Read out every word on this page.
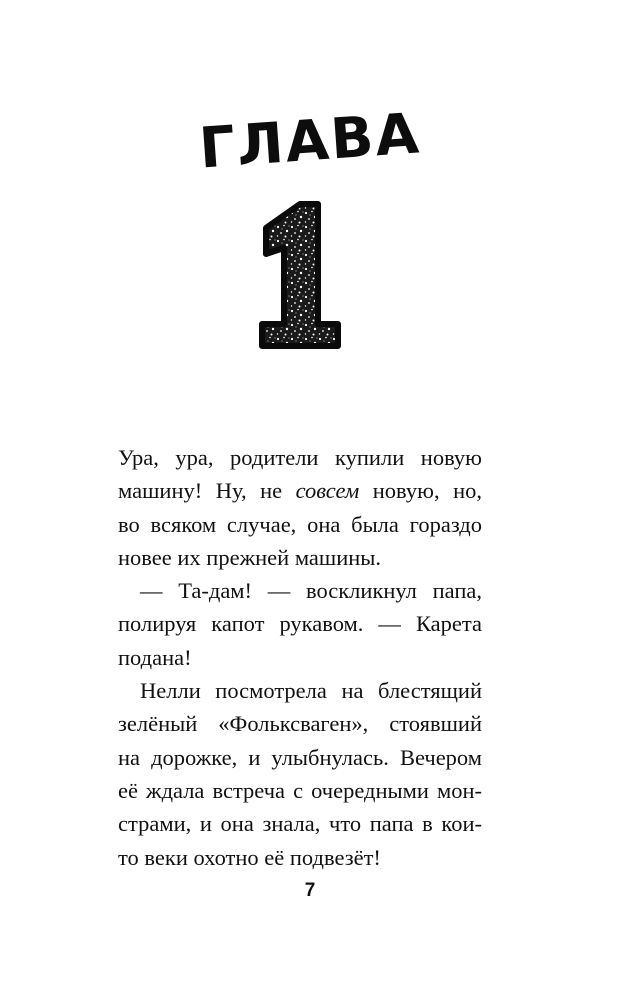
ГЛАВА
1

Ура, ура, родители купили новую
машину! Ну, не совсем новую, но,
во всяком случае, она была гораздо
новее их прежней машины.

— Та-дам! — воскликнул папа,
полируя капот рукавом. — Карета
подана!

Нелли посмотрела на блестящий
зелёный «Фольксваген», стоявший
на дорожке, и улыбнулась. Вечером
её ждала встреча с очередными мон-
страми, и она знала, что папа в кои-
то веки охотно её подвезёт!

7
